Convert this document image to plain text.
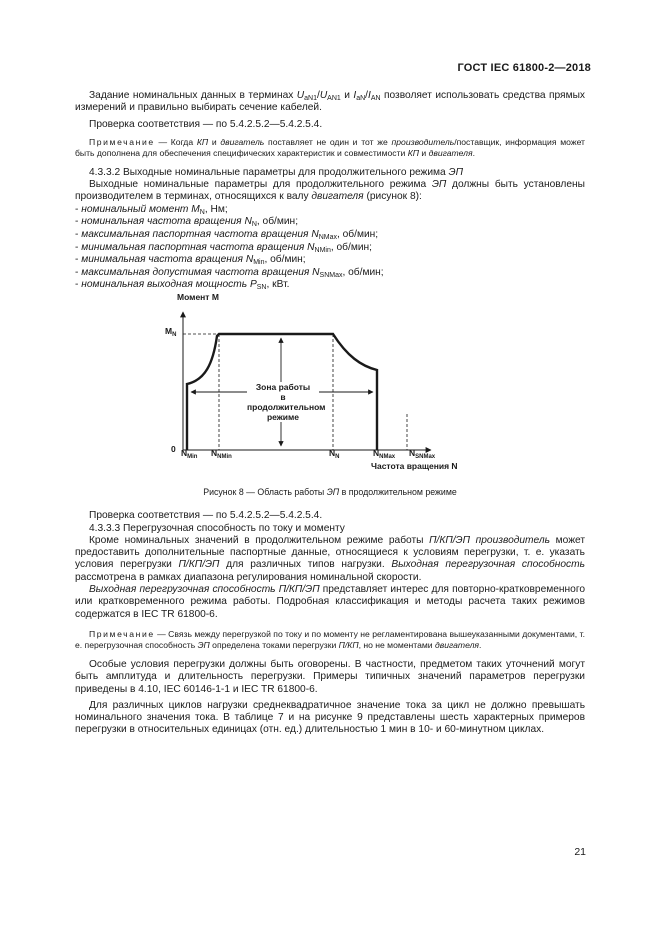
ГОСТ IEC 61800-2—2018

Задание номинальных данных в терминах $U_{aN1}/U_{AN1}$ и $I_{aN}/I_{AN}$ позволяет использовать средства прямых измерений и правильно выбирать сечение кабелей.

Проверка соответствия — по 5.4.2.5.2—5.4.2.5.4.

Примечание — Когда КП и двигатель поставляет не один и тот же производитель/поставщик, информация может быть дополнена для обеспечения специфических характеристик и совместимости КП и двигателя.

4.3.3.2 Выходные номинальные параметры для продолжительного режима ЭП

Выходные номинальные параметры для продолжительного режима ЭП должны быть установлены производителем в терминах, относящихся к валу двигателя (рисунок 8):

- номинальный момент $M_N$, Нм;
- номинальная частота вращения $N_N$, об/мин;
- максимальная паспортная частота вращения $N_{NMax}$, об/мин;
- минимальная паспортная частота вращения $N_{NMin}$, об/мин;
- минимальная частота вращения $N_{Min}$, об/мин;
- максимальная допустимая частота вращения $N_{SNMax}$, об/мин;
- номинальная выходная мощность $P_{SN}$, кВт.
Момент M
$M_N$
0
Зона работы
в продолжительном
режиме
$N_{Min}$ $N_{NMin}$	$N_N$	$N_{NMax}$ $N_{SNMax}$
Частота вращения N

Рисунок 8 — Область работы ЭП в продолжительном режиме

Проверка соответствия — по 5.4.2.5.2—5.4.2.5.4.

4.3.3.3 Перегрузочная способность по току и моменту

Кроме номинальных значений в продолжительном режиме работы П/КП/ЭП производитель может предоставить дополнительные паспортные данные, относящиеся к условиям перегрузки, т. е. указать условия перегрузки П/КП/ЭП для различных типов нагрузки. Выходная перегрузочная способность рассмотрена в рамках диапазона регулирования номинальной скорости.

Выходная перегрузочная способность П/КП/ЭП представляет интерес для повторно-кратковременного или кратковременного режима работы. Подробная классификация и методы расчета таких режимов содержатся в IEC TR 61800-6.

Примечание — Связь между перегрузкой по току и по моменту не регламентирована вышеуказанными документами, т. е. перегрузочная способность ЭП определена токами перегрузки П/КП, но не моментами двигателя.

Особые условия перегрузки должны быть оговорены. В частности, предметом таких уточнений могут быть амплитуда и длительность перегрузки. Примеры типичных значений параметров перегрузки приведены в 4.10, IEC 60146-1-1 и IEC TR 61800-6.

Для различных циклов нагрузки среднеквадратичное значение тока за цикл не должно превышать номинального значения тока. В таблице 7 и на рисунке 9 представлены шесть характерных примеров перегрузки в относительных единицах (отн. ед.) длительностью 1 мин в 10- и 60-минутном циклах.

21
